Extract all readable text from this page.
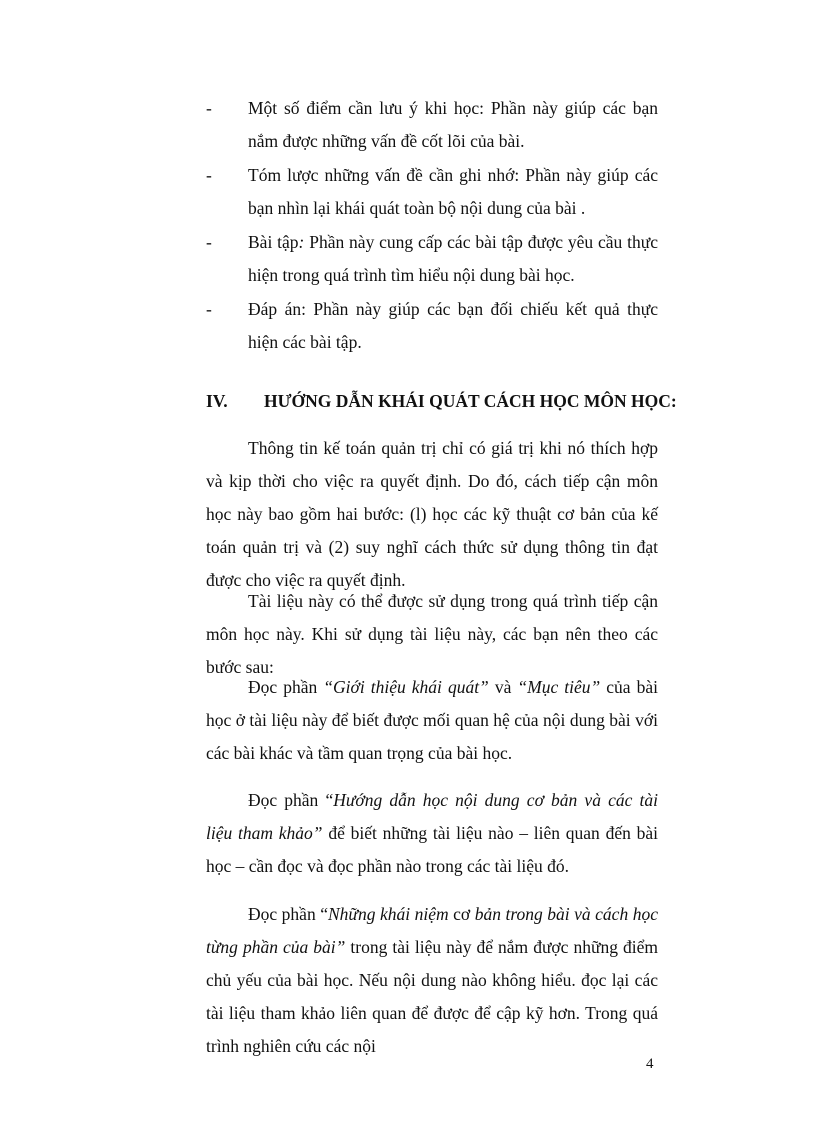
- Một số điểm cần lưu ý khi học: Phần này giúp các bạn nắm được những vấn đề cốt lõi của bài.
- Tóm lược những vấn đề cần ghi nhớ: Phần này giúp các bạn nhìn lại khái quát toàn bộ nội dung của bài .
- Bài tập: Phần này cung cấp các bài tập được yêu cầu thực hiện trong quá trình tìm hiểu nội dung bài học.
- Đáp án: Phần này giúp các bạn đối chiếu kết quả thực hiện các bài tập.
IV. HƯỚNG DẪN KHÁI QUÁT CÁCH HỌC MÔN HỌC:

Thông tin kế toán quản trị chỉ có giá trị khi nó thích hợp và kịp thời cho việc ra quyết định. Do đó, cách tiếp cận môn học này bao gồm hai bước: (l) học các kỹ thuật cơ bản của kế toán quản trị và (2) suy nghĩ cách thức sử dụng thông tin đạt được cho việc ra quyết định.

Tài liệu này có thể được sử dụng trong quá trình tiếp cận môn học này. Khi sử dụng tài liệu này, các bạn nên theo các bước sau:

Đọc phần “Giới thiệu khái quát” và “Mục tiêu” của bài học ở tài liệu này để biết được mối quan hệ của nội dung bài với các bài khác và tầm quan trọng của bài học.

Đọc phần “Hướng dẫn học nội dung cơ bản và các tài liệu tham khảo” để biết những tài liệu nào – liên quan đến bài học – cần đọc và đọc phần nào trong các tài liệu đó.

Đọc phần “Những khái niệm cơ bản trong bài và cách học từng phần của bài” trong tài liệu này để nắm được những điểm chủ yếu của bài học. Nếu nội dung nào không hiểu. đọc lại các tài liệu tham khảo liên quan để được để cập kỹ hơn. Trong quá trình nghiên cứu các nội

4
